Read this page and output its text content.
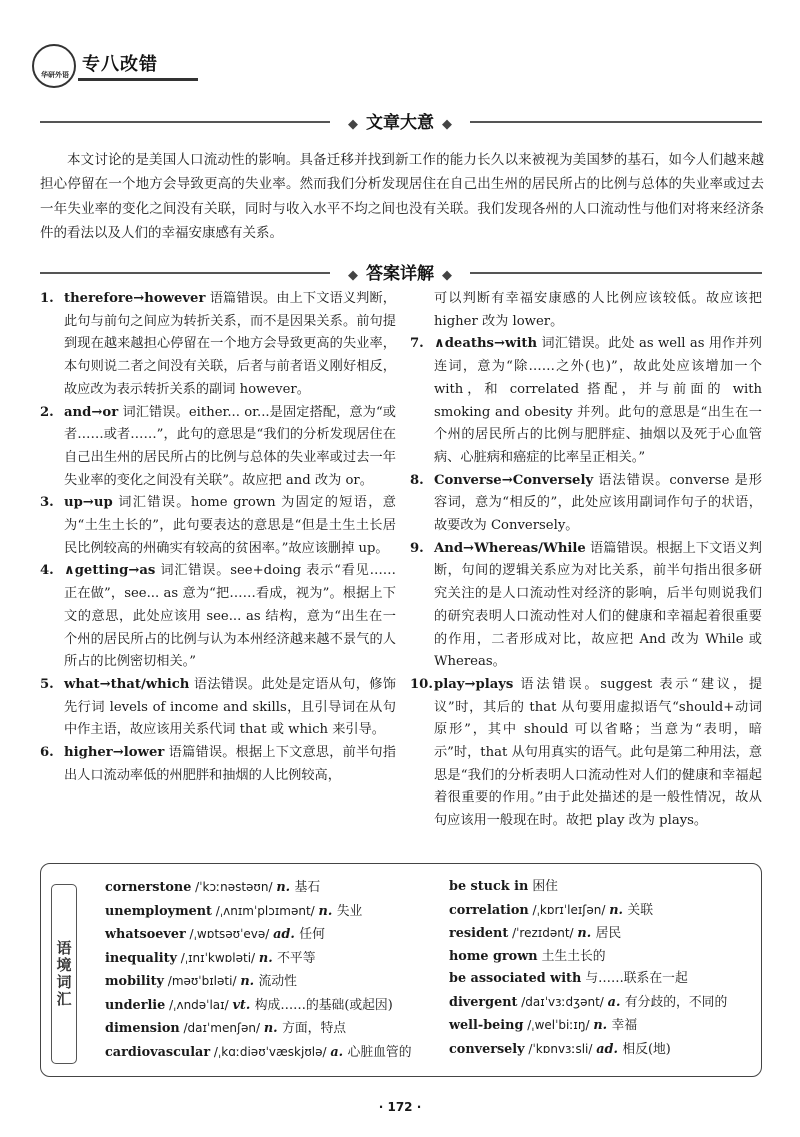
华研外语 专八改错
◆ 文章大意 ◆

本文讨论的是美国人口流动性的影响。具备迁移并找到新工作的能力长久以来被视为美国梦的基石，如今人们越来越担心停留在一个地方会导致更高的失业率。然而我们分析发现居住在自己出生州的居民所占的比例与总体的失业率或过去一年失业率的变化之间没有关联，同时与收入水平不均之间也没有关联。我们发现各州的人口流动性与他们对将来经济条件的看法以及人们的幸福安康感有关系。

◆ 答案详解 ◆

1. therefore→however 语篇错误。由上下文语义判断，此句与前句之间应为转折关系，而不是因果关系。前句提到现在越来越担心停留在一个地方会导致更高的失业率，本句则说二者之间没有关联，后者与前者语义刚好相反，故应改为表示转折关系的副词 however。

2. and→or 词汇错误。either... or...是固定搭配，意为“或者……或者……”，此句的意思是“我们的分析发现居住在自己出生州的居民所占的比例与总体的失业率或过去一年失业率的变化之间没有关联”。故应把 and 改为 or。

3. up→up 词汇错误。home grown 为固定的短语，意为“土生土长的”，此句要表达的意思是“但是土生土长居民比例较高的州确实有较高的贫困率。”故应该删掉 up。

4. ∧getting→as 词汇错误。see+doing 表示“看见……正在做”，see... as 意为“把……看成，视为”。根据上下文的意思，此处应该用 see... as 结构，意为“出生在一个州的居民所占的比例与认为本州经济越来越不景气的人所占的比例密切相关。”

5. what→that/which 语法错误。此处是定语从句，修饰先行词 levels of income and skills，且引导词在从句中作主语，故应该用关系代词 that 或 which 来引导。

6. higher→lower 语篇错误。根据上下文意思，前半句指出人口流动率低的州肥胖和抽烟的人比例较高，

可以判断有幸福安康感的人比例应该较低。故应该把 higher 改为 lower。

7. ∧deaths→with 词汇错误。此处 as well as 用作并列连词，意为“除……之外(也)”，故此处应该增加一个 with，和 correlated 搭配，并与前面的 with smoking and obesity 并列。此句的意思是“出生在一个州的居民所占的比例与肥胖症、抽烟以及死于心血管病、心脏病和癌症的比率呈正相关。”

8. Converse→Conversely 语法错误。converse 是形容词，意为“相反的”，此处应该用副词作句子的状语，故要改为 Conversely。

9. And→Whereas/While 语篇错误。根据上下文语义判断，句间的逻辑关系应为对比关系，前半句指出很多研究关注的是人口流动性对经济的影响，后半句则说我们的研究表明人口流动性对人们的健康和幸福起着很重要的作用，二者形成对比，故应把 And 改为 While 或 Whereas。

10.play→plays 语法错误。suggest 表示“建议，提议”时，其后的 that 从句要用虚拟语气“should+动词原形”，其中 should 可以省略；当意为“表明，暗示”时，that 从句用真实的语气。此句是第二种用法，意思是“我们的分析表明人口流动性对人们的健康和幸福起着很重要的作用。”由于此处描述的是一般性情况，故从句应该用一般现在时。故把 play 改为 plays。

语境词汇
cornerstone /ˈkɔːnəstəʊn/ n. 基石
unemployment /ˌʌnɪmˈplɔɪmənt/ n. 失业
whatsoever /ˌwɒtsəʊˈevə/ ad. 任何
inequality /ˌɪnɪˈkwɒləti/ n. 不平等
mobility /məʊˈbɪləti/ n. 流动性
underlie /ˌʌndəˈlaɪ/ vt. 构成……的基础(或起因)
dimension /daɪˈmenʃən/ n. 方面，特点
cardiovascular /ˌkɑːdiəʊˈvæskjʊlə/ a. 心脏血管的
be stuck in 困住
correlation /ˌkɒrɪˈleɪʃən/ n. 关联
resident /ˈrezɪdənt/ n. 居民
home grown 土生土长的
be associated with 与……联系在一起
divergent /daɪˈvɜːdʒənt/ a. 有分歧的，不同的
well-being /ˌwelˈbiːɪŋ/ n. 幸福
conversely /ˈkɒnvɜːsli/ ad. 相反(地)
· 172 ·
